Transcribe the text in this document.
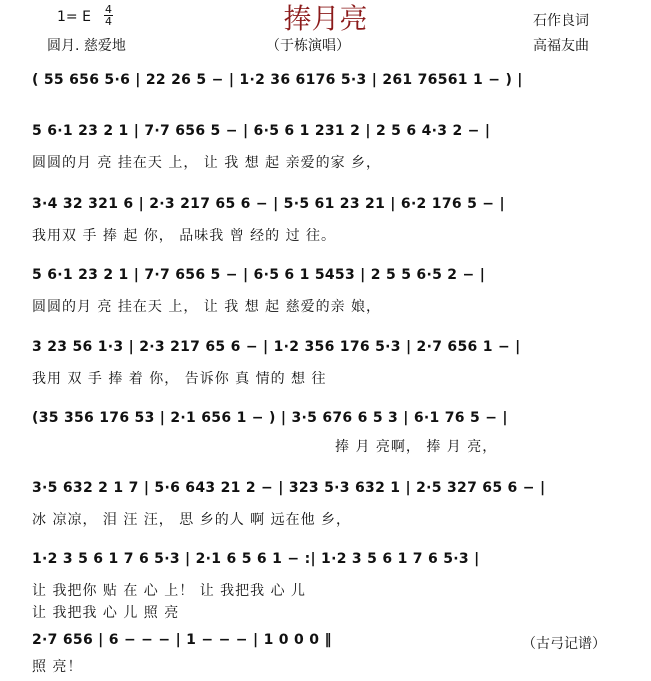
捧月亮
1= E 4
4	石作良词
圆月. 慈爱地	（于栋演唱）	高福友曲
( 55 656 5·6 | 22 26 5 − | 1·2 36 6176 5·3 | 261 76561 1 − ) |
5 6·1 23 2 1 | 7·7 656 5 − | 6·5 6 1 231 2 | 2 5 6 4·3 2 − |
圆圆的月 亮 挂在天 上， 让 我 想 起 亲爱的家 乡，
3·4 32 321 6 | 2·3 217 65 6 − | 5·5 61 23 21 | 6·2 176 5 − |
我用双 手 捧 起 你， 品味我 曾 经的 过 往。
5 6·1 23 2 1 | 7·7 656 5 − | 6·5 6 1 5453 | 2 5 5 6·5 2 − |
圆圆的月 亮 挂在天 上， 让 我 想 起 慈爱的亲 娘，
3 23 56 1·3 | 2·3 217 65 6 − | 1·2 356 176 5·3 | 2·7 656 1 − |
我用 双 手 捧 着 你， 告诉你 真 情的 想 往
(35 356 176 53 | 2·1 656 1 − ) | 3·5 676 6 5 3 | 6·1 76 5 − |
捧 月 亮啊， 捧 月 亮，
3·5 632 2 1 7 | 5·6 643 21 2 − | 323 5·3 632 1 | 2·5 327 65 6 − |
冰 凉凉， 泪 汪 汪， 思 乡的人 啊 远在他 乡，
1·2 3 5 6 1 7 6 5·3 | 2·1 6 5 6 1 − :| 1·2 3 5 6 1 7 6 5·3 |
让 我把你 贴 在 心 上！ 让 我把我 心 儿
让 我把我 心 儿 照 亮
2·7 656 | 6 − − − | 1 − − − | 1 0 0 0 ‖
照 亮！
（古弓记谱）
